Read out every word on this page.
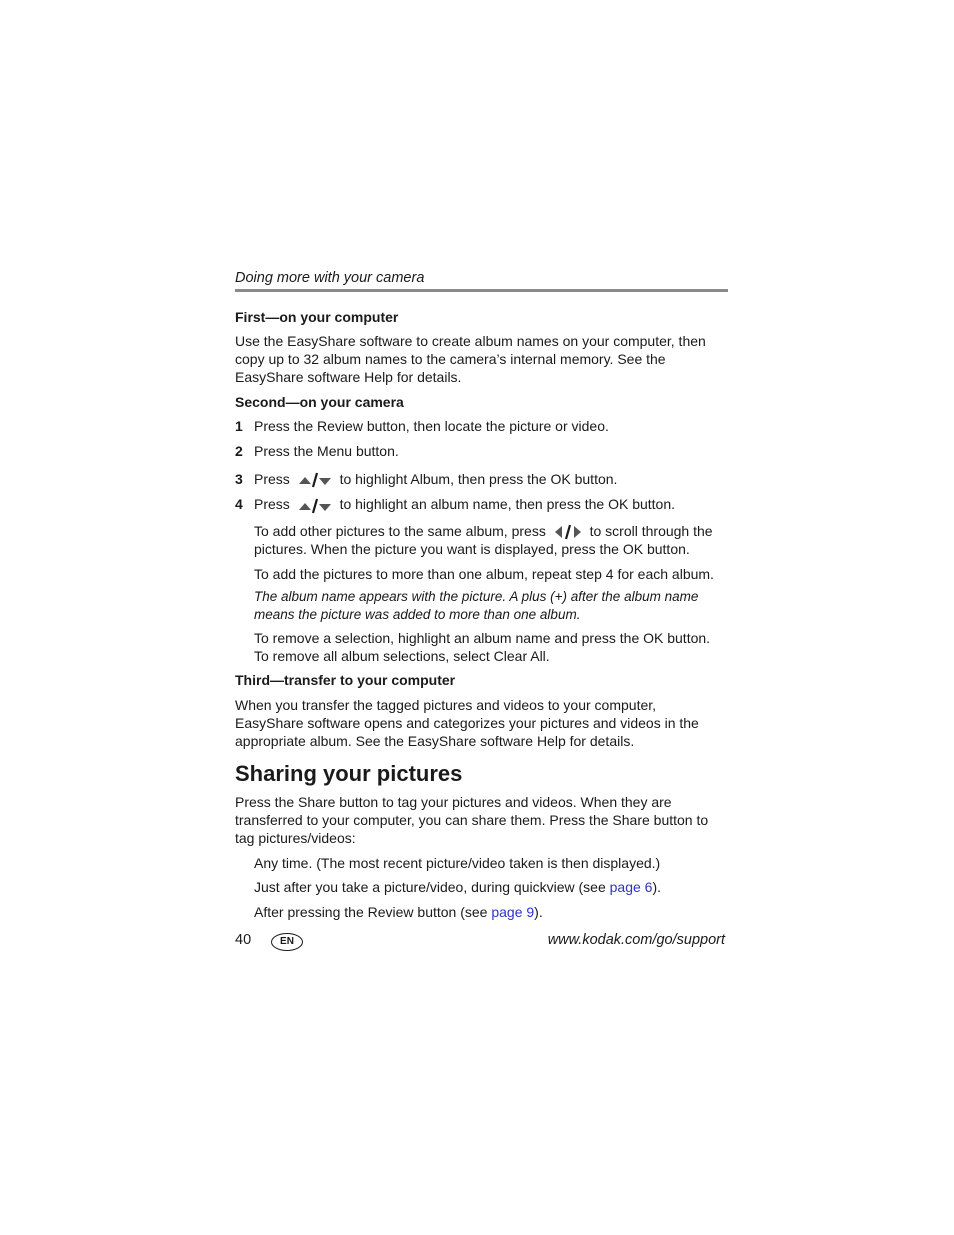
Doing more with your camera
First—on your computer

Use the EasyShare software to create album names on your computer, then copy up to 32 album names to the camera’s internal memory. See the EasyShare software Help for details.

Second—on your camera
1 Press the Review button, then locate the picture or video.
2 Press the Menu button.
3 Press	to highlight Album, then press the OK button.
4 Press	to highlight an album name, then press the OK button.

To add other pictures to the same album, press	to scroll through the pictures. When the picture you want is displayed, press the OK button.

To add the pictures to more than one album, repeat step 4 for each album.

The album name appears with the picture. A plus (+) after the album name means the picture was added to more than one album.

To remove a selection, highlight an album name and press the OK button. To remove all album selections, select Clear All.

Third—transfer to your computer

When you transfer the tagged pictures and videos to your computer, EasyShare software opens and categorizes your pictures and videos in the appropriate album. See the EasyShare software Help for details.

Sharing your pictures

Press the Share button to tag your pictures and videos. When they are transferred to your computer, you can share them. Press the Share button to tag pictures/videos:

Any time. (The most recent picture/video taken is then displayed.)

Just after you take a picture/video, during quickview (see page 6).

After pressing the Review button (see page 9).

40	EN	www.kodak.com/go/support
